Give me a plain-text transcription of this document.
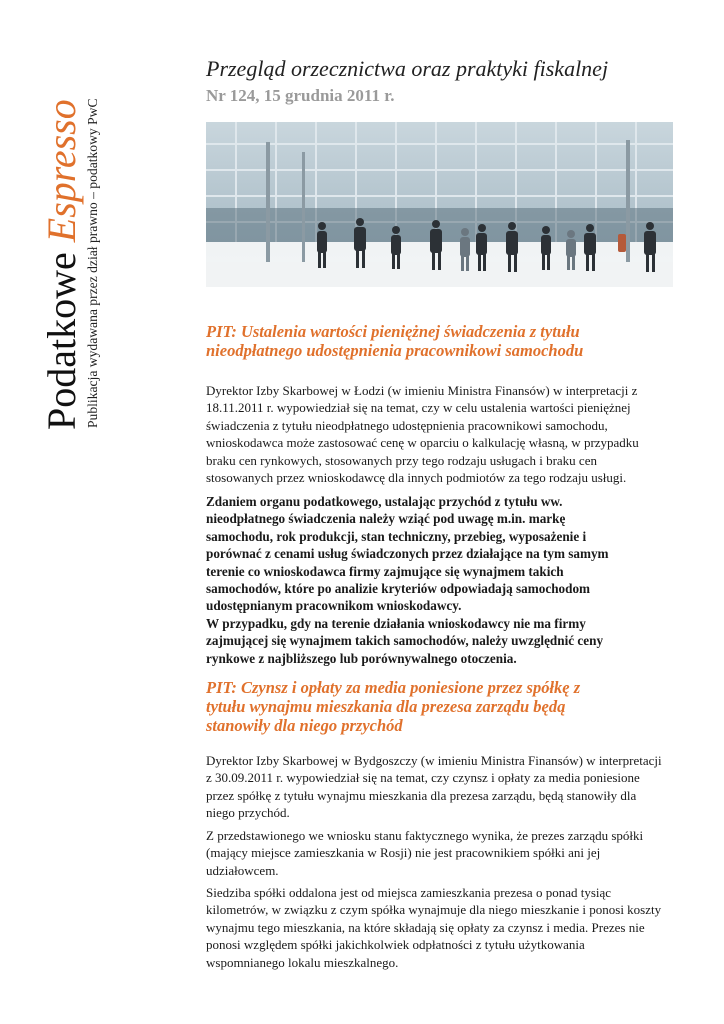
Podatkowe Espresso Publikacja wydawana przez dział prawno – podatkowy PwC
Przegląd orzecznictwa oraz praktyki fiskalnej
Nr 124, 15 grudnia 2011 r.
PIT: Ustalenia wartości pieniężnej świadczenia z tytułu
nieodpłatnego udostępnienia pracownikowi samochodu
Dyrektor Izby Skarbowej w Łodzi (w imieniu Ministra Finansów) w interpretacji z
18.11.2011 r. wypowiedział się na temat, czy w celu ustalenia wartości pieniężnej
świadczenia z tytułu nieodpłatnego udostępnienia pracownikowi samochodu,
wnioskodawca może zastosować cenę w oparciu o kalkulację własną, w przypadku
braku cen rynkowych, stosowanych przy tego rodzaju usługach i braku cen
stosowanych przez wnioskodawcę dla innych podmiotów za tego rodzaju usługi.
Zdaniem organu podatkowego, ustalając przychód z tytułu ww.
nieodpłatnego świadczenia należy wziąć pod uwagę m.in. markę
samochodu, rok produkcji, stan techniczny, przebieg, wyposażenie i
porównać z cenami usług świadczonych przez działające na tym samym
terenie co wnioskodawca firmy zajmujące się wynajmem takich
samochodów, które po analizie kryteriów odpowiadają samochodom
udostępnianym pracownikom wnioskodawcy.
W przypadku, gdy na terenie działania wnioskodawcy nie ma firmy
zajmującej się wynajmem takich samochodów, należy uwzględnić ceny
rynkowe z najbliższego lub porównywalnego otoczenia.
PIT: Czynsz i opłaty za media poniesione przez spółkę z
tytułu wynajmu mieszkania dla prezesa zarządu będą
stanowiły dla niego przychód
Dyrektor Izby Skarbowej w Bydgoszczy (w imieniu Ministra Finansów) w interpretacji
z 30.09.2011 r. wypowiedział się na temat, czy czynsz i opłaty za media poniesione
przez spółkę z tytułu wynajmu mieszkania dla prezesa zarządu, będą stanowiły dla
niego przychód.
Z przedstawionego we wniosku stanu faktycznego wynika, że prezes zarządu spółki
(mający miejsce zamieszkania w Rosji) nie jest pracownikiem spółki ani jej
udziałowcem.
Siedziba spółki oddalona jest od miejsca zamieszkania prezesa o ponad tysiąc
kilometrów, w związku z czym spółka wynajmuje dla niego mieszkanie i ponosi koszty
wynajmu tego mieszkania, na które składają się opłaty za czynsz i media. Prezes nie
ponosi względem spółki jakichkolwiek odpłatności z tytułu użytkowania
wspomnianego lokalu mieszkalnego.
